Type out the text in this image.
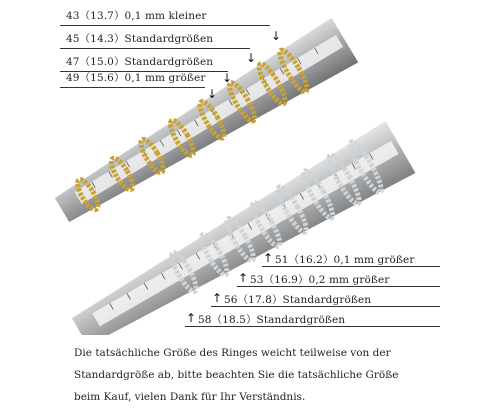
43（13.7）0,1 mm kleiner
↓
45（14.3）Standardgrößen
↓
47（15.0）Standardgrößen
↓
49（15.6）0,1 mm größer
↓
↑ 51（16.2）0,1 mm größer
↑ 53（16.9）0,2 mm größer
↑ 56（17.8）Standardgrößen
↑ 58（18.5）Standardgrößen
Die tatsächliche Größe des Ringes weicht teilweise von der
Standardgröße ab, bitte beachten Sie die tatsächliche Größe
beim Kauf, vielen Dank für Ihr Verständnis.
